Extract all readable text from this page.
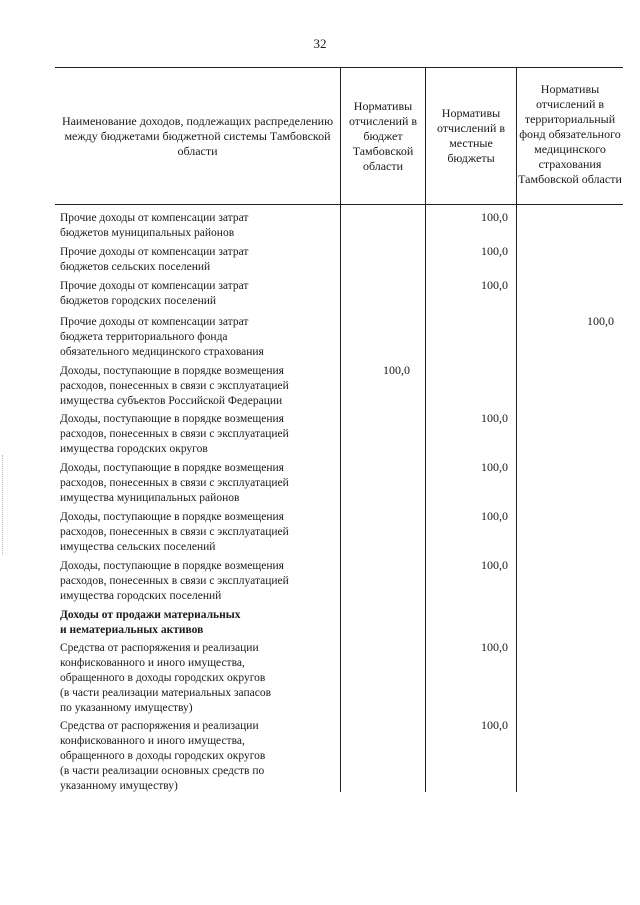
32
Наименование доходов, подлежащих распределению между бюджетами бюджетной системы Тамбовской области
Нормативы отчислений в бюджет Тамбовской области
Нормативы отчислений в местные бюджеты
Нормативы отчислений в территориальный фонд обязательного медицинского страхования Тамбовской области
Прочие доходы от компенсации затрат
бюджетов муниципальных районов
100,0
Прочие доходы от компенсации затрат
бюджетов сельских поселений
100,0
Прочие доходы от компенсации затрат
бюджетов городских поселений
100,0
Прочие доходы от компенсации затрат
бюджета территориального фонда
обязательного медицинского страхования
100,0
Доходы, поступающие в порядке возмещения
расходов, понесенных в связи с эксплуатацией
имущества субъектов Российской Федерации
100,0
Доходы, поступающие в порядке возмещения
расходов, понесенных в связи с эксплуатацией
имущества городских округов
100,0
Доходы, поступающие в порядке возмещения
расходов, понесенных в связи с эксплуатацией
имущества муниципальных районов
100,0
Доходы, поступающие в порядке возмещения
расходов, понесенных в связи с эксплуатацией
имущества сельских поселений
100,0
Доходы, поступающие в порядке возмещения
расходов, понесенных в связи с эксплуатацией
имущества городских поселений
100,0
Доходы от продажи материальных
и нематериальных активов
Средства от распоряжения и реализации
конфискованного и иного имущества,
обращенного в доходы городских округов
(в части реализации материальных запасов
по указанному имуществу)
100,0
Средства от распоряжения и реализации
конфискованного и иного имущества,
обращенного в доходы городских округов
(в части реализации основных средств по
указанному имуществу)
100,0
